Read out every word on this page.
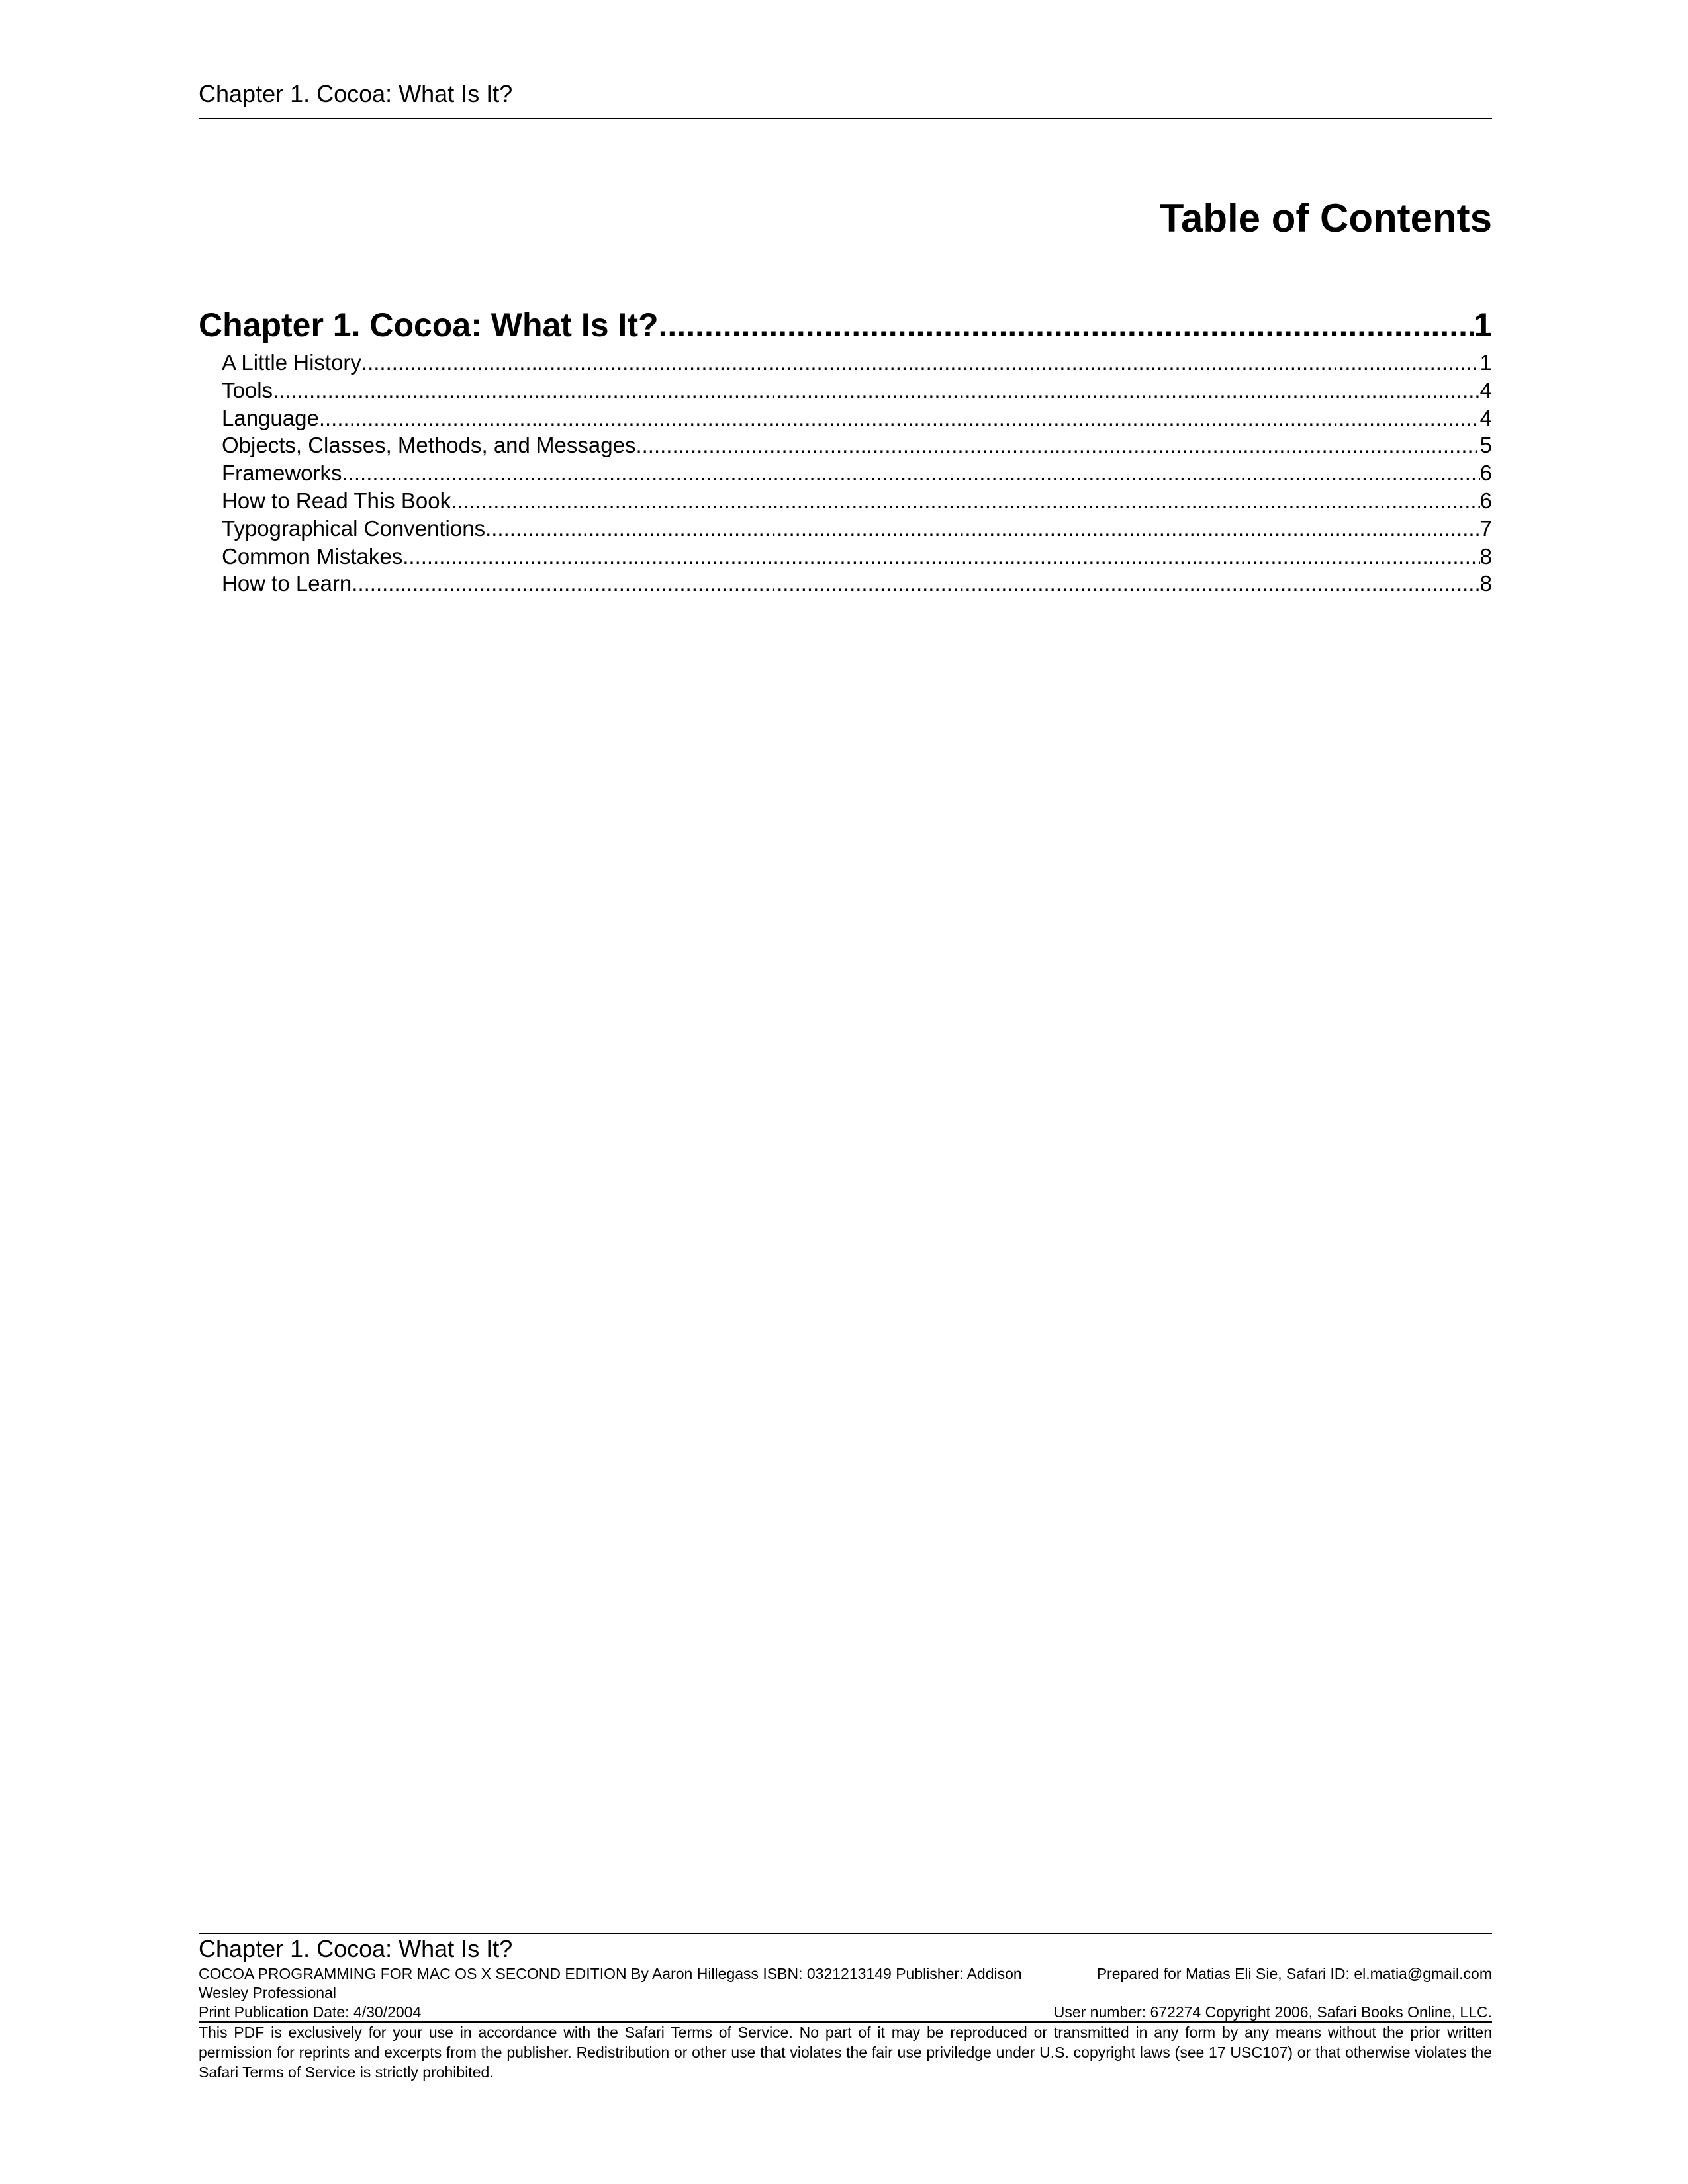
Chapter 1. Cocoa: What Is It?
Table of Contents
Chapter 1. Cocoa: What Is It? .....	1
A Little History .....	1
Tools .....	4
Language .....	4
Objects, Classes, Methods, and Messages .....	5
Frameworks .....	6
How to Read This Book .....	6
Typographical Conventions .....	7
Common Mistakes .....	8
How to Learn .....	8
Chapter 1. Cocoa: What Is It?
COCOA PROGRAMMING FOR MAC OS X SECOND EDITION By Aaron Hillegass ISBN: 0321213149 Publisher: Addison Wesley Professional
Prepared for Matias Eli Sie, Safari ID: el.matia@gmail.com
Print Publication Date: 4/30/2004	User number: 672274 Copyright 2006, Safari Books Online, LLC.
This PDF is exclusively for your use in accordance with the Safari Terms of Service. No part of it may be reproduced or transmitted in any form by any means without the prior written permission for reprints and excerpts from the publisher. Redistribution or other use that violates the fair use priviledge under U.S. copyright laws (see 17 USC107) or that otherwise violates the Safari Terms of Service is strictly prohibited.
